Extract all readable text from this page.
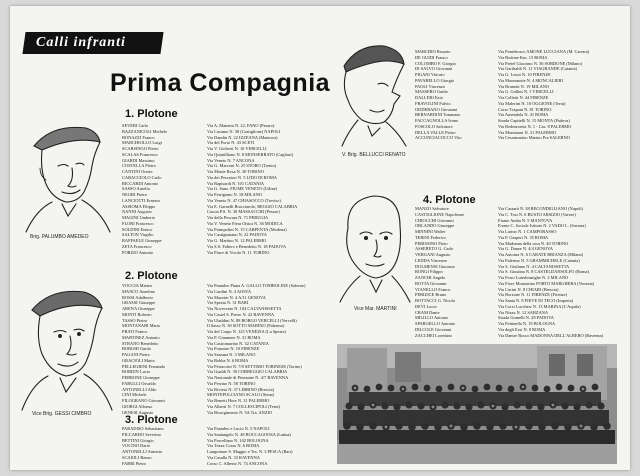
Calli infranti
Prima Compagnia
1. Plotone
2. Plotone
3. Plotone
4. Plotone
SEVERI Carlo
BAZZANICOLI Michele
BONAZZI Franco
MARCHIOLLO Luigi
SCARSINGO Pietro
SCALAS Francesco
GIARDI Massimo
COSTELLA Pietro
CANTINI Oreste
CARACCIOLO Carlo
RICCARDI Antonio
SASSO Aurelio
NEGRI Pietro
LANCIOTTI Ernesto
ASSIOMA Filippo
NANNI Augusto
MAGINI Umberto
FLORI Francesco
SOLDINI Enrico
SALTON Virgilio
RAFFAELE Giuseppe
ZETA Francesco
PORZIO Antonio
Via A. Manzini N. 22, FANO (Pesaro)
Via Casamo N. 38 (Castiglione) NAPOLI
Via Dandin N. 22 IZZEANA (Mantova)
Via del Porto N. 43 SCETI
Via V. Gioberti N. 16 VERCELLI
Via Quintilliano N. 8 MONSERRATO (Cagliari)
Via Veneto N. 7 ANCONA
Via G. Marconi N. 25 STORO (Trento)
Via Monte Rosa N. 30 TORINO
Via dei Pescatori N. 5 LIDO DI ROMA
Via Rapisardi N. 101 CATANIA
Via G. Sanz. FIUME VENETO (Udine)
Via Ferrigamo N. 18 MILANO
Via Veneto N. 47 CHIASOCCO (Treviso)
Via E. Garnelli Bracciarolo, REGGIO CALABRIA
Cascia P.S. N. 30 MASSACCHI (Pesaro)
Via della Pescara N. 71 PERUGIA
Via V. Veneto Fiera Ottica N. 36 MODICA
Via Prampolini N. 15 CARPENTA (Modena)
Via Castignasano N. 22 PADOVA
Via G. Martino N. 12 PALERMO
Via S.S. Faliero e Benedetto N. 18 PADOVA
Via Piave di Vicolo N. 11 TORINO
VOCCIA Matteo
MANCO Anselmo
ROSSI Adalberto
GRASSI Giuseppe
ARENA Giuseppe
MONTI Roberto
TASSO Pietro
MONTANARI Mario
PRATI Franco
MARTINEZ Antonio
STRANO Benedetto
BORGHI Guido
PAGANI Pietro
GRACIOLI Mario
PELLEGRINI Fernando
BORDIN Lucio
PERRONE Giuseppe
FABULLI Osvaldo
ANTONELLI Aldo
CINI Michele
FILOGRANO Giovanni
GIORGI Alfonso
GENESI Augusto
Via Pantaleo Piana A. GALLO TOMBOLINE (Salerno)
Via Cardini N. 4 AOSTA
Via Mazzini N. 4 A/11 GENOVA
Via Spezia N. 31 BARI
Via Novecento N. 104 CALTANISSETTA
Via Castel S. Pietro N. 22 RAVENNA
Via Ubaldini N. 88 BORGO VERCELLI (Vercelli)
Il Sasso N. 30 SOTTO MARINO (Palermo)
Via del Corpo N. 125 VENEZIA (La Spezia)
Via P. Giannone N. 31 ROMA
Via Castromarino N. 32 CATANIA
Via Ponzone N. 10 FIRENZE
Via Sarzana N. 3 MILANO
Via Rebba N. 6 ROMA
Via Petraccini N. 7/8 SETTIMO TORINESE (Torino)
Via Gualdi N. 30 CORREGGIO CALABRIA
Via Nazionale di Piemonte N. 4/7 RAVENNA
Via Perrino N. 58 TORINO
Via Riviera N. 37 LIBRINO (Brescia)
MONTEPOLCIANO SCALO (Siena)
Via Benetti Hore N. 31 PALERMO
Via Alberti N. 7 COLLESCIPOLI (Terni)
Via Risorgimento N. 5A Tra. ANZIO
PARADISO Sebastiano
PICCARDO Severino
BETTINI Giorgio
VOCINO Dario
ANTONELLI Antonio
SCAIOLI Renzo
FABRI Pietro
Via Pantaleo e Lucio N. 5 NAPOLI
Via Santangelo N. 48 BOCCAGOOSA (Latina)
Via Porcellano N. 102 BOLOGNA
Via Tozza Corzo N. 6 ROMA
Lungomare S. Maggio e Tra. N. 3 PESCA (Bari)
Via Casalla N. 33 RAVENNA
Corso C. Alberto N. 74 ANCONA
MARCHIO Rosario
DE GUIDI Franco
COLOMBO F. Giorgio
DI SALVO Giovanni
PIGANI Vittorio
PAVARELLO Giorgio
PAOLI Vincenzo
MASSERO Guido
DALLERI Ezio
FRAVOLINI Fulvio
ODDERANO Giovanni
BERNARDINI Tommaso
FACCAGNOLLA Ivano
FOSCOLO Salvatore
DELLA VALLE Pietro
ACCONCIACOCCO Vito
Via Pontebosco AMONE LUCCIANA (M. Carrara)
Via Bodone Km. 13 ROMA
Via Pretel Giacomo N. 36 SORDONE (Milano)
Via Garibaldi N. 11 VIAGRANDE (Catania)
Via G. Leoni N. 10 FIRENZE
Via Mezzanotte N. 4 MONCALIERI
Via Brunetti N. 19 MILANO
Via G. Gallini N. 1 VERCELLI
Via Colletti N. 44 FIRENZE
Via Malerini N. 10 OGGIONE (Terni)
Corso Trapani N. 81 TORINO
Via Amendola N. 41 ROMA
Strada Capitelli N. 15 MONTA (Padova)
Via Redentoreta N. 1 - Cas. 8 PALERMO
Via Montanari N. 31 PALERMO
Via Cesarmarino Marino Pra SALERNO
MANZO Salvatore
CASTIGLIONE Napoleone
CHIOCCHI Giovanni
ORLANDO Giuseppe
MINNINI Walter
TERINI Federico
PERISSINO Piero
ASSERETO G. Carlo
VERGANI Augusto
LEDDA Vincenzo
DOLMENSI Giacomo
RONGI Filippo
ZANCHI Angelo
BOTTA Giovanni
VIANELLO Franco
PERIZICE Bruno
BOTTACCI G. Nicola
DEVI Lucio
CRAM Dante
MILILLO Antonio
SPARGELLO Antonio
DILCOLE Giovanni
ZACCHEI Loredano
Via Cassarà N. 38 RECONDIGLIANO (Napoli)
Via C. Tosi N. 6 BUSTO ARSIZIO (Varese)
Fiume Amba N. 5 MANTOVA
Fronte C. Sociale Istituto N. 2 VADO L. (Savona)
Via Larino N. 1 CAMPOBASSO
Via P. Gasperi N. 35 ROMA
Via Madonna della rosa N. 40 TORINO
Via G. Danze N. 4/4 GENOVA
Via Autorna N. 6 CARATE BRIANZA (Milano)
Via Palermo N. 5 GRAMMICHELE (Catania)
Via S. Giuliano N. 4 CALTANISSETTA
Via S. Giustina N. 8 CASTELDANSOLFO (Roma)
Via Ferro Luterbrunighe N. 2 MILANO
Via Fiore Monzurino PORTO MARGHERA (Venezia)
Via Curini N. 8 CHIARI (Brescia)
Via Borzone N. 11 FIRENZE (Firenze)
Via Santa N. 8 FIEVE DI TECO (Imperia)
Via Corsi Lucchesi N. 13 MARINA (L'Aquila)
Via Nizza N. 12 SARZANA
Strada Granelli N. 28 PADOVA
Via Pettinella N. 19 BOLOGNA
Via degli Essi N. 8 ROMA
Via Dantre Bosco MADONNA DELL'ALBERO (Ravenna)
Brig. PALUMBO AMEDEO
Vice Brig. GESSI CIMBRO
V. Brig. BELLUCCI RENATO
Vice Mar. MARTINI
